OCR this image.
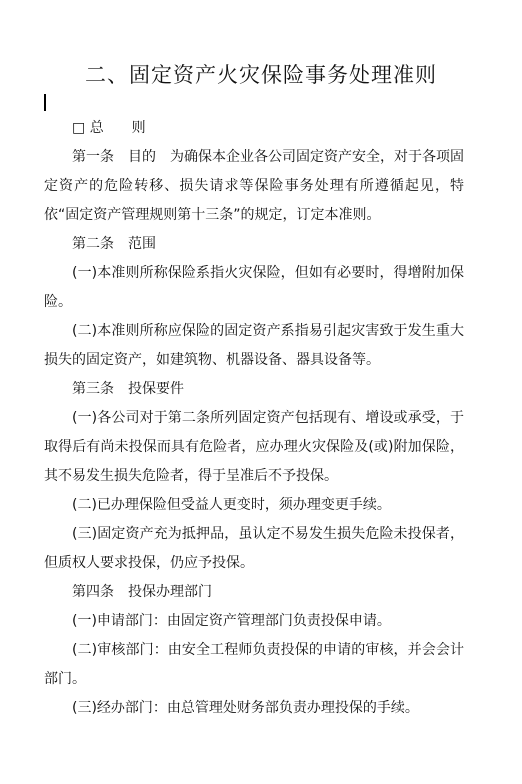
二、固定资产火灾保险事务处理准则

□ 总　　则

第一条　目的　为确保本企业各公司固定资产安全，对于各项固定资产的危险转移、损失请求等保险事务处理有所遵循起见，特依“固定资产管理规则第十三条”的规定，订定本准则。

第二条　范围

(一)本准则所称保险系指火灾保险，但如有必要时，得增附加保险。

(二)本准则所称应保险的固定资产系指易引起灾害致于发生重大损失的固定资产，如建筑物、机器设备、器具设备等。

第三条　投保要件

(一)各公司对于第二条所列固定资产包括现有、增设或承受，于取得后有尚未投保而具有危险者，应办理火灾保险及(或)附加保险，其不易发生损失危险者，得于呈准后不予投保。

(二)已办理保险但受益人更变时，须办理变更手续。

(三)固定资产充为抵押品，虽认定不易发生损失危险未投保者，但质权人要求投保，仍应予投保。

第四条　投保办理部门

(一)申请部门：由固定资产管理部门负责投保申请。

(二)审核部门：由安全工程师负责投保的申请的审核，并会会计部门。

(三)经办部门：由总管理处财务部负责办理投保的手续。
